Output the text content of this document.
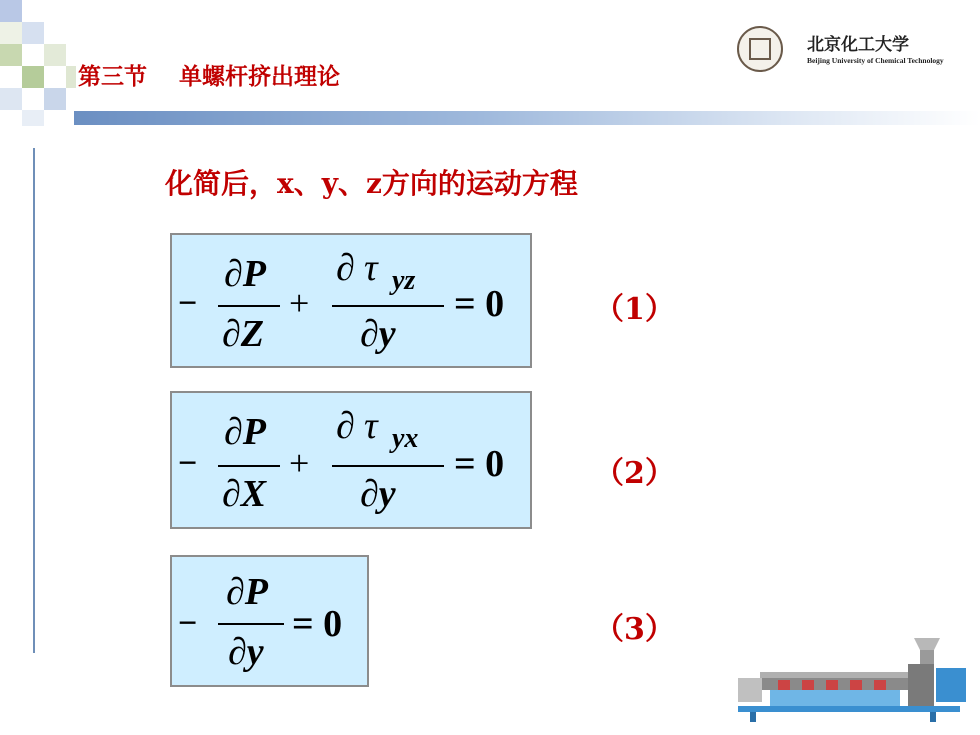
第三节    单螺杆挤出理论
北京化工大学
Beijing University of Chemical Technology
化简后，x、y、z方向的运动方程
−
∂P
∂Z
+
∂ τ yz
∂y
= 0	（1）
−
∂P
∂X
+
∂ τ yx
∂y
= 0	（2）
−
∂P
∂y
= 0	（3）
